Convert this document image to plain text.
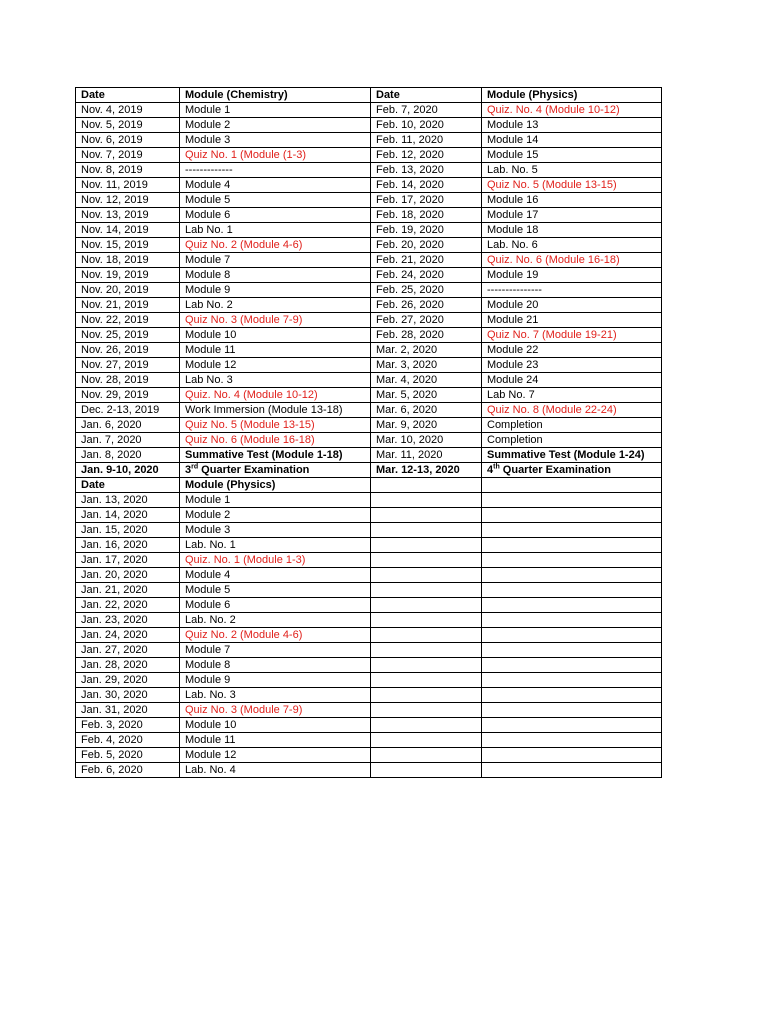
Date	Module (Chemistry)	Date	Module (Physics)
Nov. 4, 2019	Module 1	Feb. 7, 2020	Quiz. No. 4 (Module 10-12)
Nov. 5, 2019	Module 2	Feb. 10, 2020	Module 13
Nov. 6, 2019	Module 3	Feb. 11, 2020	Module 14
Nov. 7, 2019	Quiz No. 1 (Module (1-3)	Feb. 12, 2020	Module 15
Nov. 8, 2019	-------------	Feb. 13, 2020	Lab. No. 5
Nov. 11, 2019	Module 4	Feb. 14, 2020	Quiz No. 5 (Module 13-15)
Nov. 12, 2019	Module 5	Feb. 17, 2020	Module 16
Nov. 13, 2019	Module 6	Feb. 18, 2020	Module 17
Nov. 14, 2019	Lab No. 1	Feb. 19, 2020	Module 18
Nov. 15, 2019	Quiz No. 2 (Module 4-6)	Feb. 20, 2020	Lab. No. 6
Nov. 18, 2019	Module 7	Feb. 21, 2020	Quiz. No. 6 (Module 16-18)
Nov. 19, 2019	Module 8	Feb. 24, 2020	Module 19
Nov. 20, 2019	Module 9	Feb. 25, 2020	---------------
Nov. 21, 2019	Lab No. 2	Feb. 26, 2020	Module 20
Nov. 22, 2019	Quiz No. 3 (Module 7-9)	Feb. 27, 2020	Module 21
Nov. 25, 2019	Module 10	Feb. 28, 2020	Quiz No. 7 (Module 19-21)
Nov. 26, 2019	Module 11	Mar. 2, 2020	Module 22
Nov. 27, 2019	Module 12	Mar. 3, 2020	Module 23
Nov. 28, 2019	Lab No. 3	Mar. 4, 2020	Module 24
Nov. 29, 2019	Quiz. No. 4 (Module 10-12)	Mar. 5, 2020	Lab No. 7
Dec. 2-13, 2019	Work Immersion (Module 13-18)	Mar. 6, 2020	Quiz No. 8 (Module 22-24)
Jan. 6, 2020	Quiz No. 5 (Module 13-15)	Mar. 9, 2020	Completion
Jan. 7, 2020	Quiz No. 6 (Module 16-18)	Mar. 10, 2020	Completion
Jan. 8, 2020	Summative Test (Module 1-18)	Mar. 11, 2020	Summative Test (Module 1-24)
Jan. 9-10, 2020	3rd Quarter Examination	Mar. 12-13, 2020	4th Quarter Examination
Date	Module (Physics)		
Jan. 13, 2020	Module 1		
Jan. 14, 2020	Module 2		
Jan. 15, 2020	Module 3		
Jan. 16, 2020	Lab. No. 1		
Jan. 17, 2020	Quiz. No. 1 (Module 1-3)		
Jan. 20, 2020	Module 4		
Jan. 21, 2020	Module 5		
Jan. 22, 2020	Module 6		
Jan. 23, 2020	Lab. No. 2		
Jan. 24, 2020	Quiz No. 2 (Module 4-6)		
Jan. 27, 2020	Module 7		
Jan. 28, 2020	Module 8		
Jan. 29, 2020	Module 9		
Jan. 30, 2020	Lab. No. 3		
Jan. 31, 2020	Quiz No. 3 (Module 7-9)		
Feb. 3, 2020	Module 10		
Feb. 4, 2020	Module 11		
Feb. 5, 2020	Module 12		
Feb. 6, 2020	Lab. No. 4		
